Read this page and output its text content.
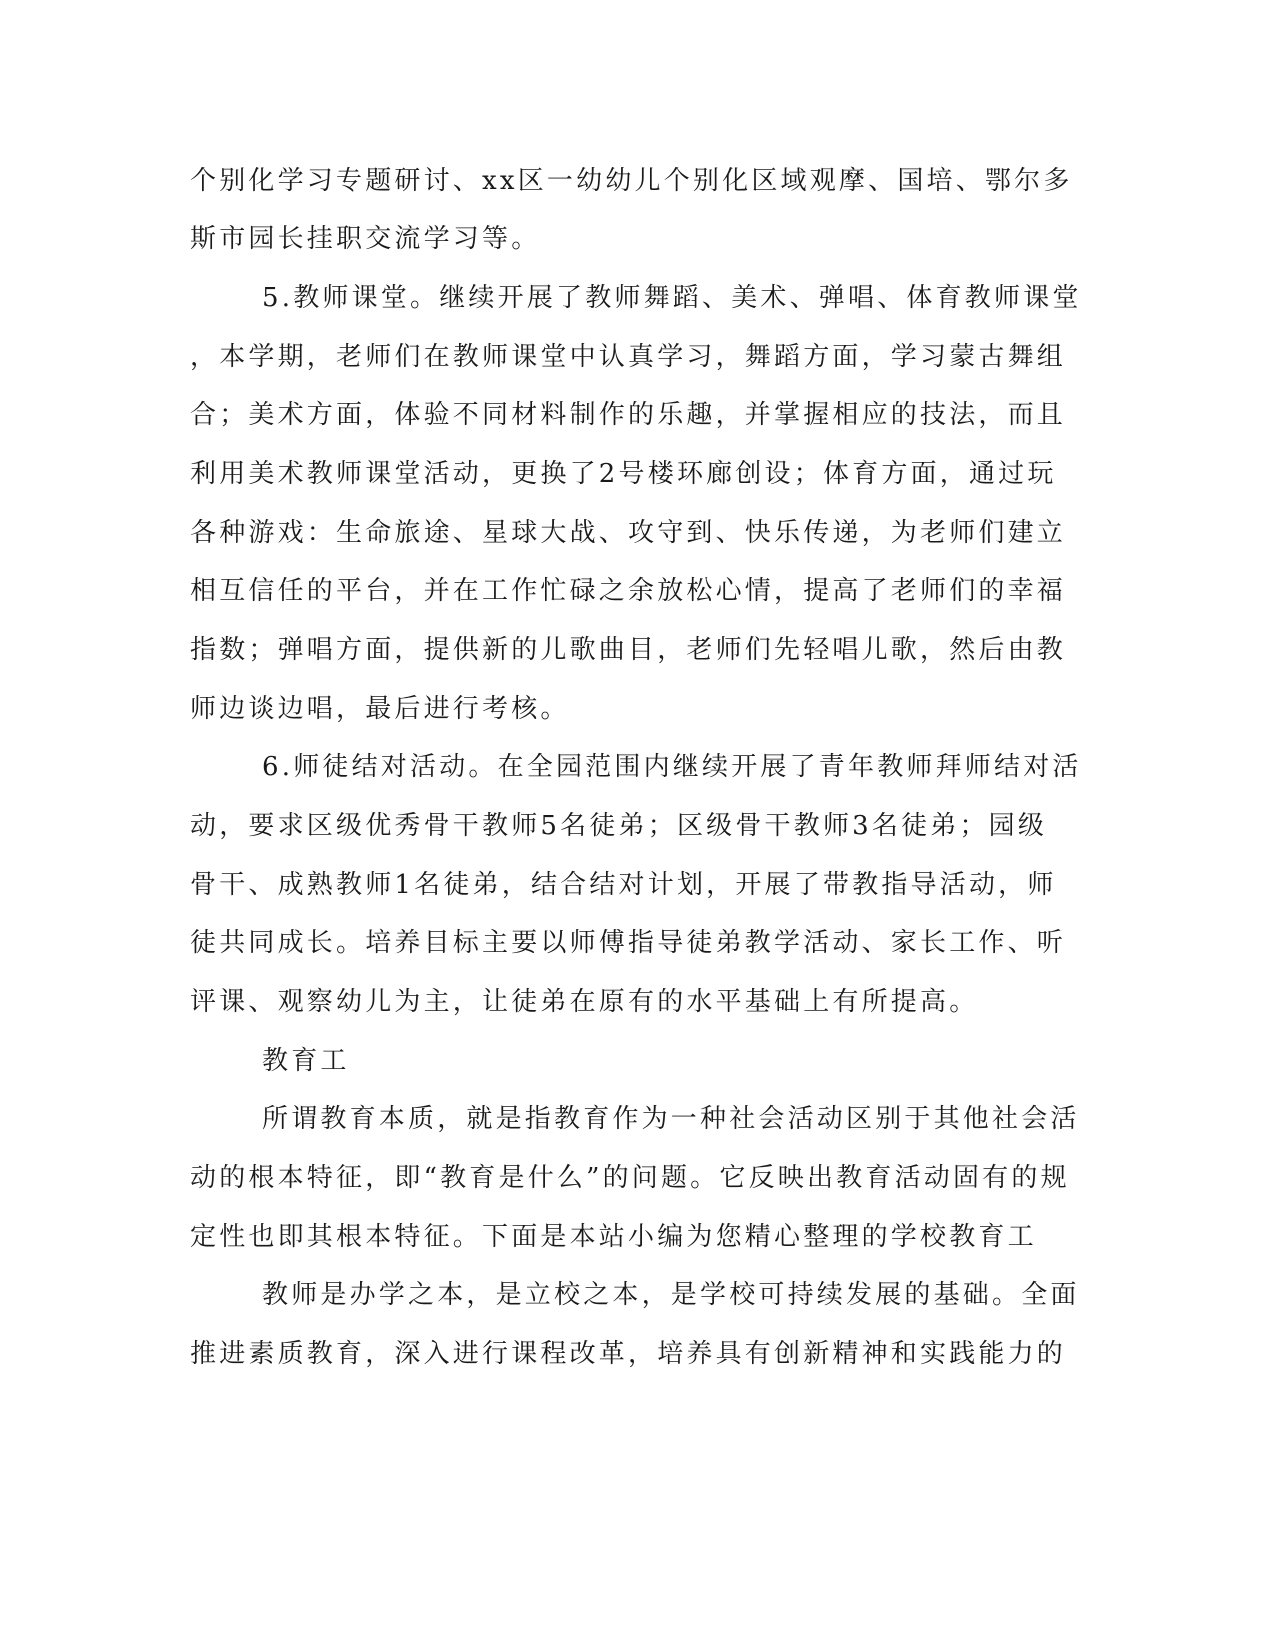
个别化学习专题研讨、xx区一幼幼儿个别化区域观摩、国培、鄂尔多
斯市园长挂职交流学习等。
5.教师课堂。继续开展了教师舞蹈、美术、弹唱、体育教师课堂
，本学期，老师们在教师课堂中认真学习，舞蹈方面，学习蒙古舞组
合；美术方面，体验不同材料制作的乐趣，并掌握相应的技法，而且
利用美术教师课堂活动，更换了2号楼环廊创设；体育方面，通过玩
各种游戏：生命旅途、星球大战、攻守到、快乐传递，为老师们建立
相互信任的平台，并在工作忙碌之余放松心情，提高了老师们的幸福
指数；弹唱方面，提供新的儿歌曲目，老师们先轻唱儿歌，然后由教
师边谈边唱，最后进行考核。
6.师徒结对活动。在全园范围内继续开展了青年教师拜师结对活
动，要求区级优秀骨干教师5名徒弟；区级骨干教师3名徒弟；园级
骨干、成熟教师1名徒弟，结合结对计划，开展了带教指导活动，师
徒共同成长。培养目标主要以师傅指导徒弟教学活动、家长工作、听
评课、观察幼儿为主，让徒弟在原有的水平基础上有所提高。
教育工
所谓教育本质，就是指教育作为一种社会活动区别于其他社会活
动的根本特征，即“教育是什么”的问题。它反映出教育活动固有的规
定性也即其根本特征。下面是本站小编为您精心整理的学校教育工
教师是办学之本，是立校之本，是学校可持续发展的基础。全面
推进素质教育，深入进行课程改革，培养具有创新精神和实践能力的
